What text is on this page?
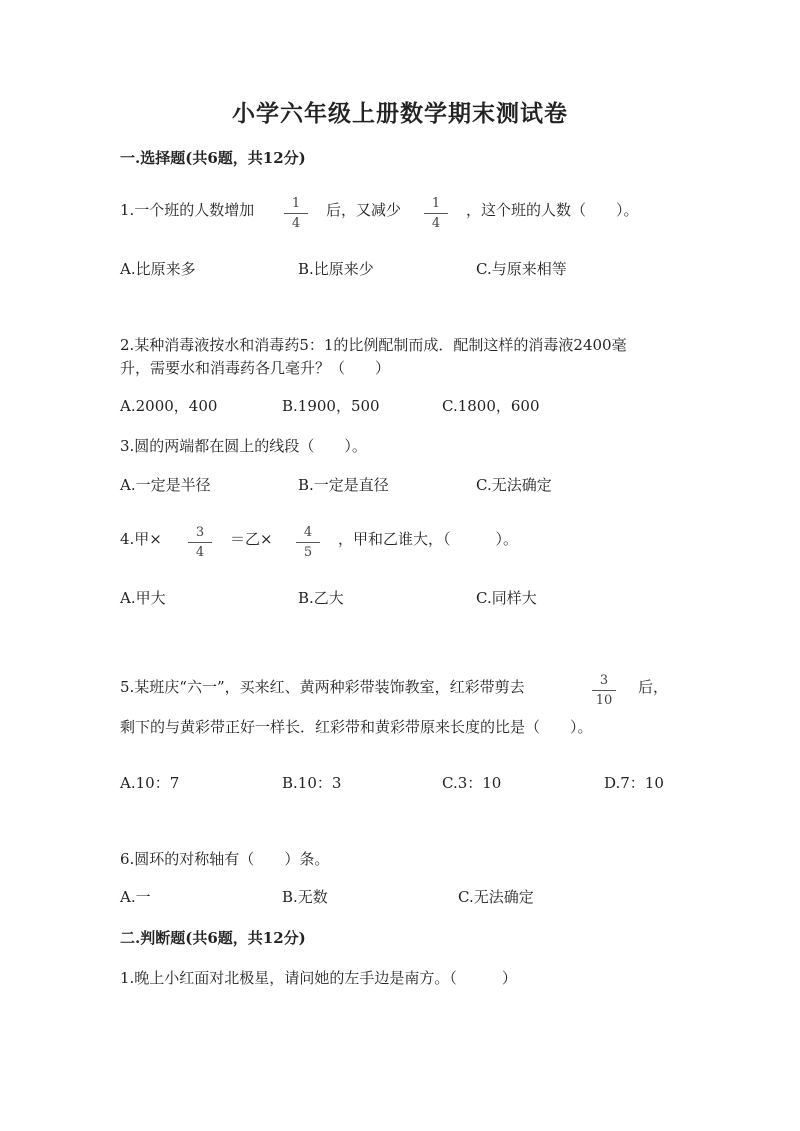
小学六年级上册数学期末测试卷
一.选择题(共6题，共12分)
1.一个班的人数增加 $\frac{1}{4}$ 后，又减少 $\frac{1}{4}$ ，这个班的人数（　　）。
A.比原来多	B.比原来少	C.与原来相等
2.某种消毒液按水和消毒药5：1的比例配制而成．配制这样的消毒液2400毫
升，需要水和消毒药各几毫升？（　　）
A.2000，400	B.1900，500	C.1800，600
3.圆的两端都在圆上的线段（　　）。
A.一定是半径	B.一定是直径	C.无法确定
4.甲× $\frac{3}{4}$ ＝乙× $\frac{4}{5}$ ，甲和乙谁大，（　　　）。
A.甲大	B.乙大	C.同样大
5.某班庆“六一”，买来红、黄两种彩带装饰教室，红彩带剪去	$\frac{3}{10}$ 后，
剩下的与黄彩带正好一样长．红彩带和黄彩带原来长度的比是（　　）。
A.10：7	B.10：3	C.3：10	D.7：10
6.圆环的对称轴有（　　）条。
A.一	B.无数	C.无法确定
二.判断题(共6题，共12分)
1.晚上小红面对北极星，请问她的左手边是南方。（　　　）
